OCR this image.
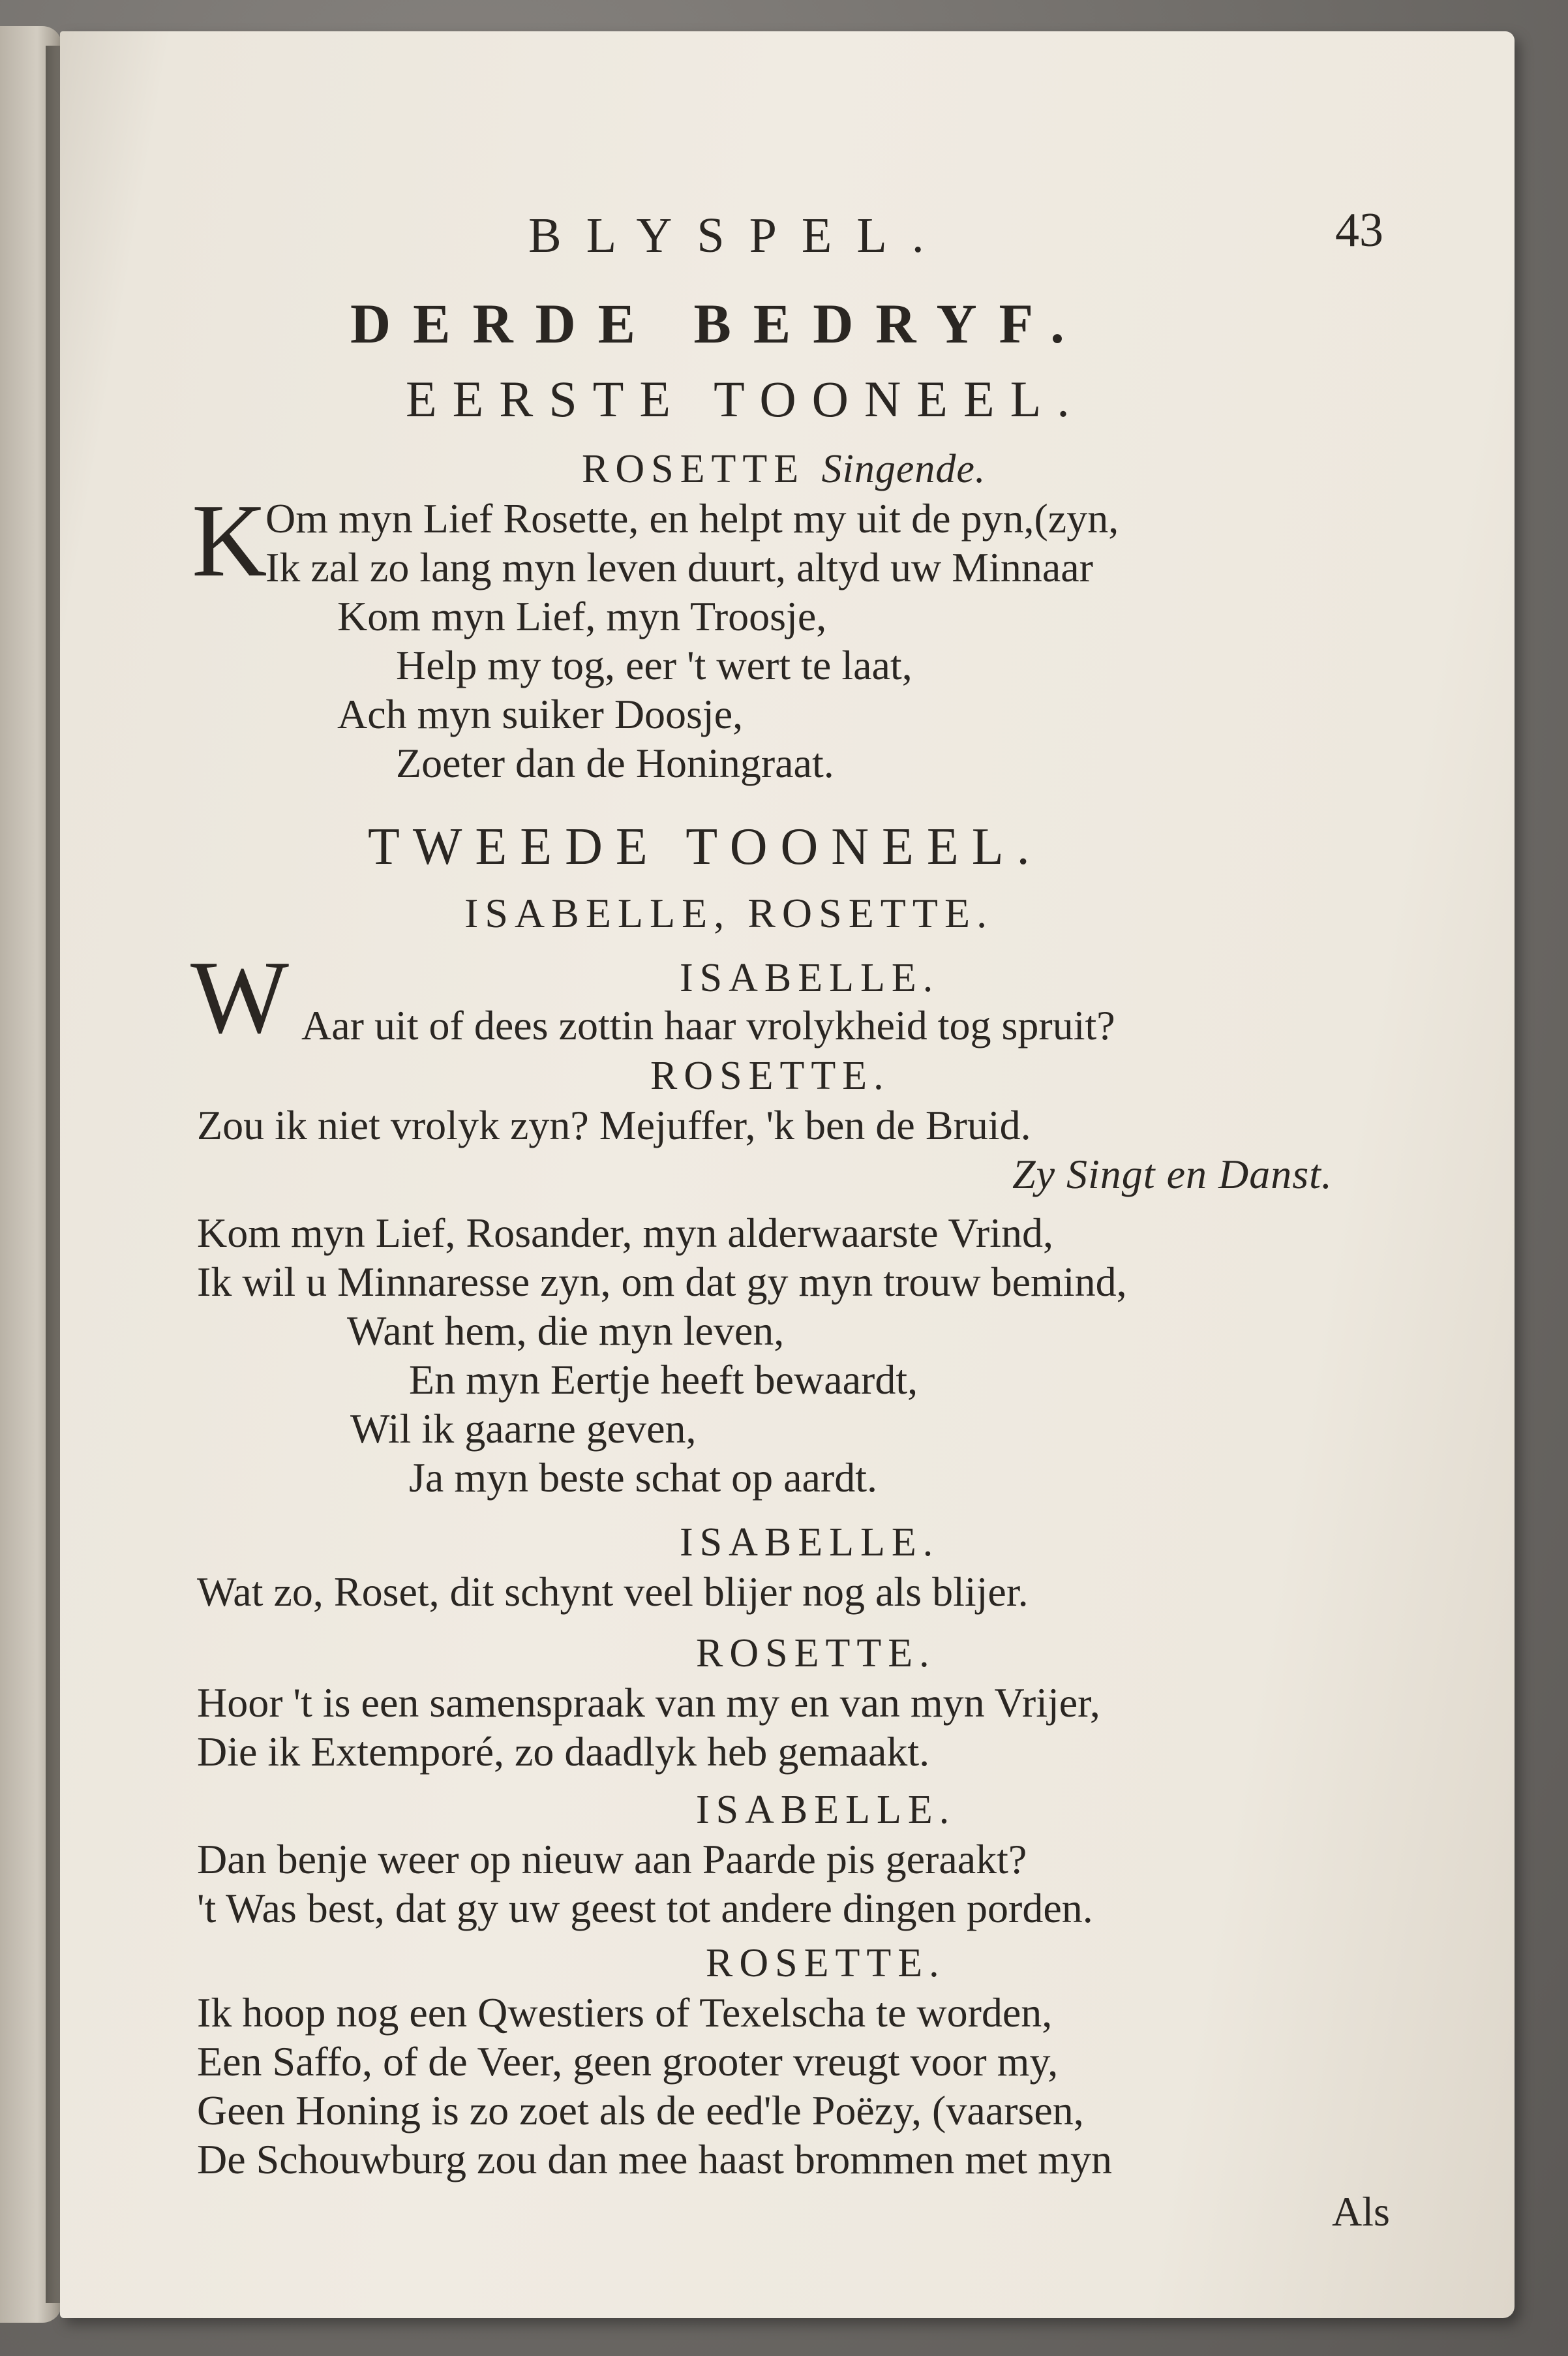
BLYSPEL.	43
DERDE BEDRYF.
EERSTE TOONEEL.
ROSETTE Singende.
K
Om myn Lief Rosette, en helpt my uit de pyn,(zyn,
Ik zal zo lang myn leven duurt, altyd uw Minnaar
Kom myn Lief, myn Troosje,
Help my tog, eer 't wert te laat,
Ach myn suiker Doosje,
Zoeter dan de Honingraat.
TWEEDE TOONEEL.
ISABELLE, ROSETTE.
W	ISABELLE.
Aar uit of dees zottin haar vrolykheid tog spruit?
ROSETTE.
Zou ik niet vrolyk zyn? Mejuffer, 'k ben de Bruid.
Zy Singt en Danst.
Kom myn Lief, Rosander, myn alderwaarste Vrind,
Ik wil u Minnaresse zyn, om dat gy myn trouw bemind,
Want hem, die myn leven,
En myn Eertje heeft bewaardt,
Wil ik gaarne geven,
Ja myn beste schat op aardt.
ISABELLE.
Wat zo, Roset, dit schynt veel blijer nog als blijer.
ROSETTE.
Hoor 't is een samenspraak van my en van myn Vrijer,
Die ik Extemporé, zo daadlyk heb gemaakt.
ISABELLE.
Dan benje weer op nieuw aan Paarde pis geraakt?
't Was best, dat gy uw geest tot andere dingen porden.
ROSETTE.
Ik hoop nog een Qwestiers of Texelscha te worden,
Een Saffo, of de Veer, geen grooter vreugt voor my,
Geen Honing is zo zoet als de eed'le Poëzy, (vaarsen,
De Schouwburg zou dan mee haast brommen met myn
Als
